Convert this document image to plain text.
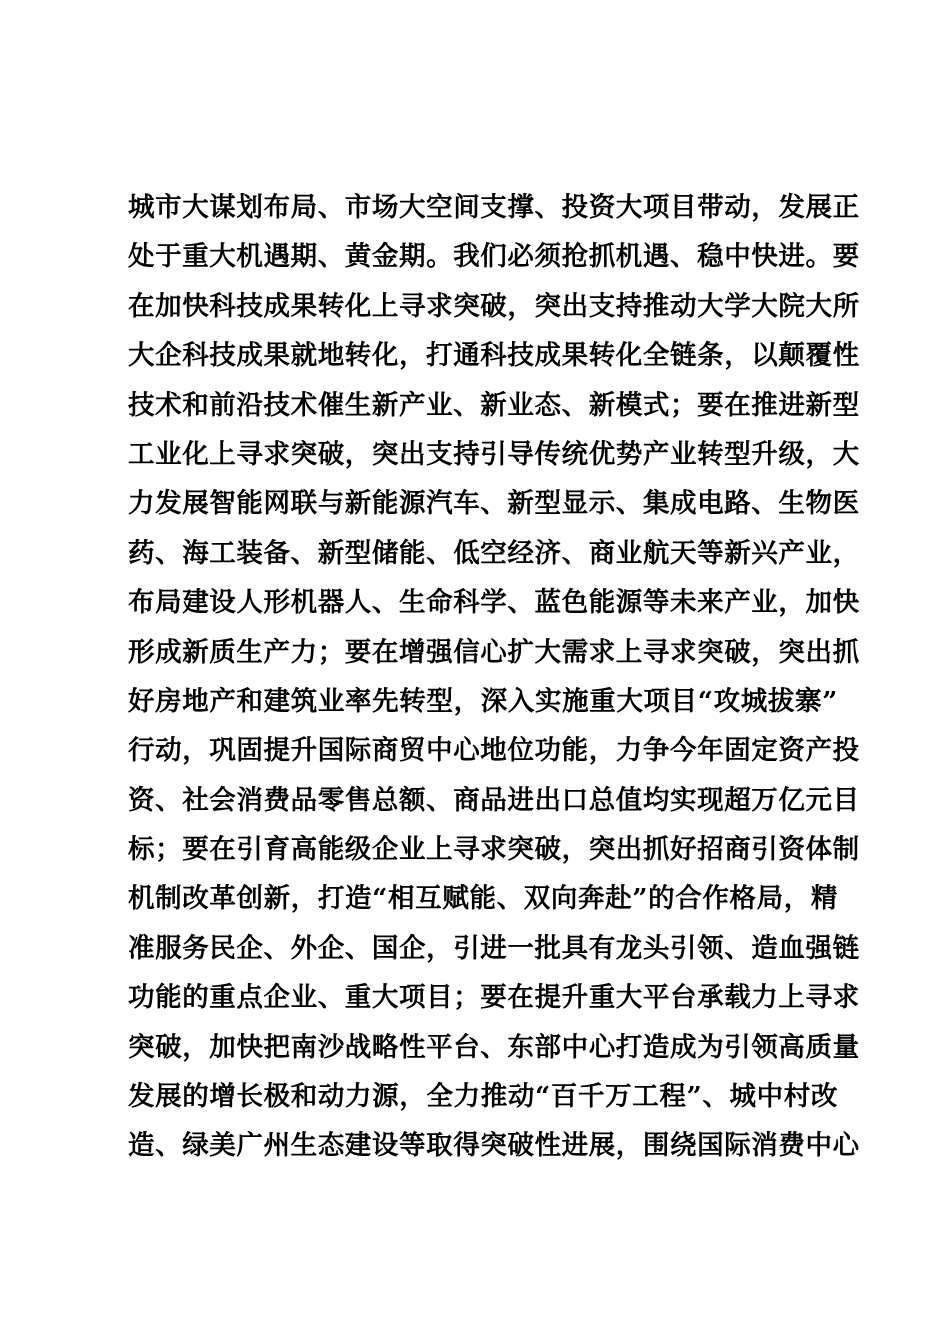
城市大谋划布局、市场大空间支撑、投资大项目带动，发展正
处于重大机遇期、黄金期。我们必须抢抓机遇、稳中快进。要
在加快科技成果转化上寻求突破，突出支持推动大学大院大所
大企科技成果就地转化，打通科技成果转化全链条，以颠覆性
技术和前沿技术催生新产业、新业态、新模式；要在推进新型
工业化上寻求突破，突出支持引导传统优势产业转型升级，大
力发展智能网联与新能源汽车、新型显示、集成电路、生物医
药、海工装备、新型储能、低空经济、商业航天等新兴产业，
布局建设人形机器人、生命科学、蓝色能源等未来产业，加快
形成新质生产力；要在增强信心扩大需求上寻求突破，突出抓
好房地产和建筑业率先转型，深入实施重大项目“攻城拔寨”
行动，巩固提升国际商贸中心地位功能，力争今年固定资产投
资、社会消费品零售总额、商品进出口总值均实现超万亿元目
标；要在引育高能级企业上寻求突破，突出抓好招商引资体制
机制改革创新，打造“相互赋能、双向奔赴”的合作格局，精
准服务民企、外企、国企，引进一批具有龙头引领、造血强链
功能的重点企业、重大项目；要在提升重大平台承载力上寻求
突破，加快把南沙战略性平台、东部中心打造成为引领高质量
发展的增长极和动力源，全力推动“百千万工程”、城中村改
造、绿美广州生态建设等取得突破性进展，围绕国际消费中心
